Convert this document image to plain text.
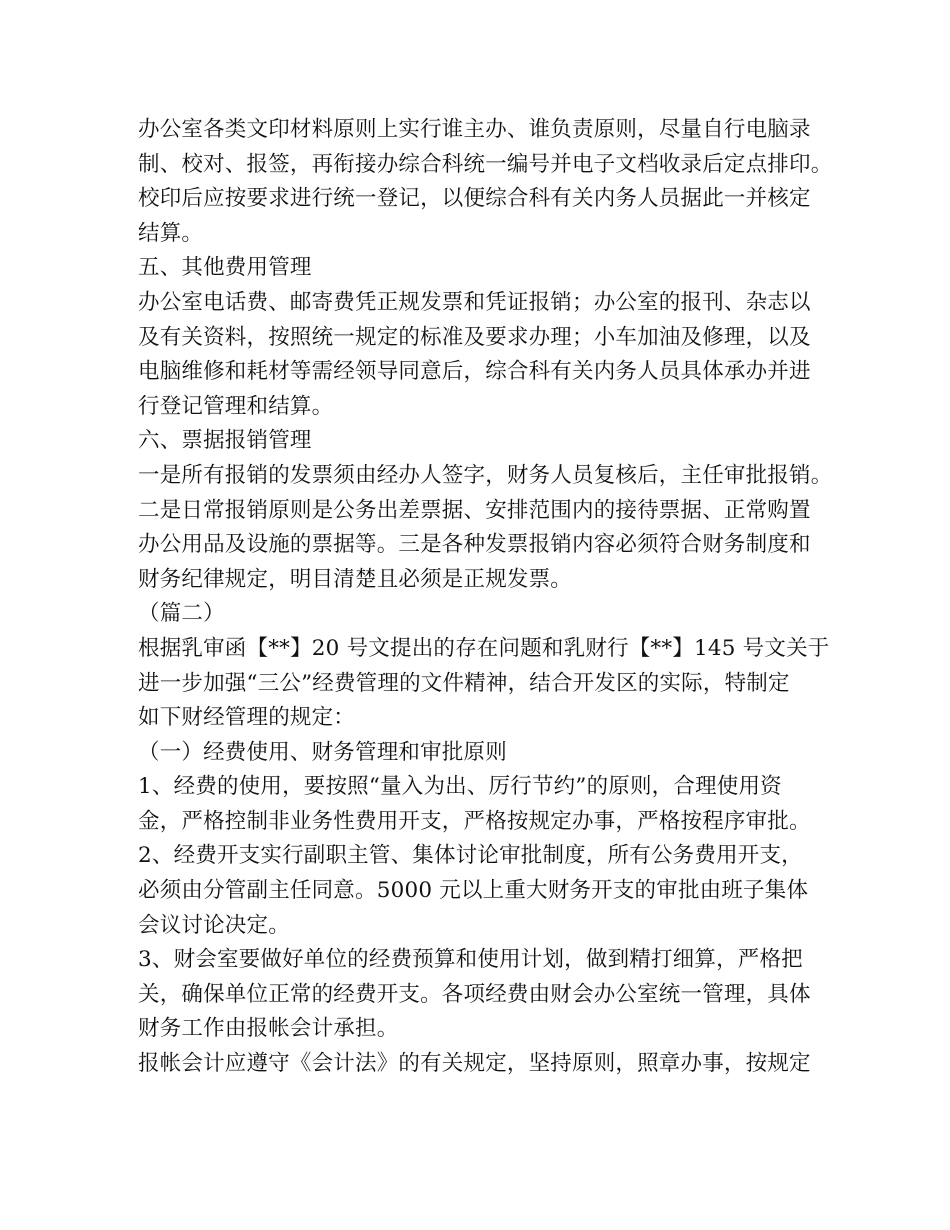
办公室各类文印材料原则上实行谁主办、谁负责原则，尽量自行电脑录
制、校对、报签，再衔接办综合科统一编号并电子文档收录后定点排印。
校印后应按要求进行统一登记，以便综合科有关内务人员据此一并核定
结算。
五、其他费用管理
办公室电话费、邮寄费凭正规发票和凭证报销；办公室的报刊、杂志以
及有关资料，按照统一规定的标准及要求办理；小车加油及修理，以及
电脑维修和耗材等需经领导同意后，综合科有关内务人员具体承办并进
行登记管理和结算。
六、票据报销管理
一是所有报销的发票须由经办人签字，财务人员复核后，主任审批报销。
二是日常报销原则是公务出差票据、安排范围内的接待票据、正常购置
办公用品及设施的票据等。三是各种发票报销内容必须符合财务制度和
财务纪律规定，明目清楚且必须是正规发票。
（篇二）
根据乳审函【**】20 号文提出的存在问题和乳财行【**】145 号文关于
进一步加强“三公”经费管理的文件精神，结合开发区的实际，特制定
如下财经管理的规定：
（一）经费使用、财务管理和审批原则
1、经费的使用，要按照“量入为出、厉行节约”的原则，合理使用资
金，严格控制非业务性费用开支，严格按规定办事，严格按程序审批。
2、经费开支实行副职主管、集体讨论审批制度，所有公务费用开支，
必须由分管副主任同意。5000 元以上重大财务开支的审批由班子集体
会议讨论决定。
3、财会室要做好单位的经费预算和使用计划，做到精打细算，严格把
关，确保单位正常的经费开支。各项经费由财会办公室统一管理，具体
财务工作由报帐会计承担。
报帐会计应遵守《会计法》的有关规定，坚持原则，照章办事，按规定
